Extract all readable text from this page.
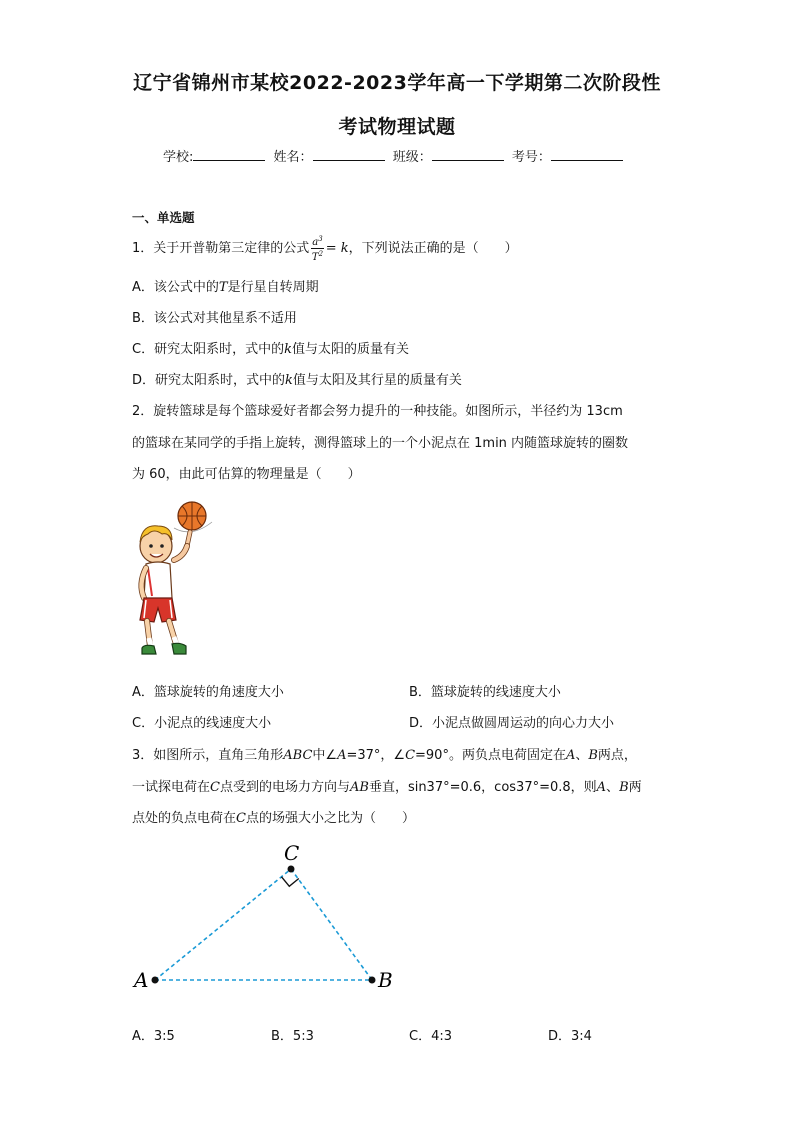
辽宁省锦州市某校2022-2023学年高一下学期第二次阶段性
考试物理试题
学校:	姓名：	班级：	考号：
一、单选题
1．关于开普勒第三定律的公式 $\frac{a^3}{T^2} = k$，下列说法正确的是（　　）
A．该公式中的T是行星自转周期
B．该公式对其他星系不适用
C．研究太阳系时，式中的k值与太阳的质量有关
D．研究太阳系时，式中的k值与太阳及其行星的质量有关
2．旋转篮球是每个篮球爱好者都会努力提升的一种技能。如图所示，半径约为 13cm
的篮球在某同学的手指上旋转，测得篮球上的一个小泥点在 1min 内随篮球旋转的圈数
为 60，由此可估算的物理量是（　　）
A．篮球旋转的角速度大小	B．篮球旋转的线速度大小
C．小泥点的线速度大小	D．小泥点做圆周运动的向心力大小
3．如图所示，直角三角形ABC中∠A=37°，∠C=90°。两负点电荷固定在A、B两点，
一试探电荷在C点受到的电场力方向与AB垂直，sin37°=0.6，cos37°=0.8，则A、B两
点处的负点电荷在C点的场强大小之比为（　　）
A	B
C
A．3:5	B．5:3	C．4:3	D．3:4
